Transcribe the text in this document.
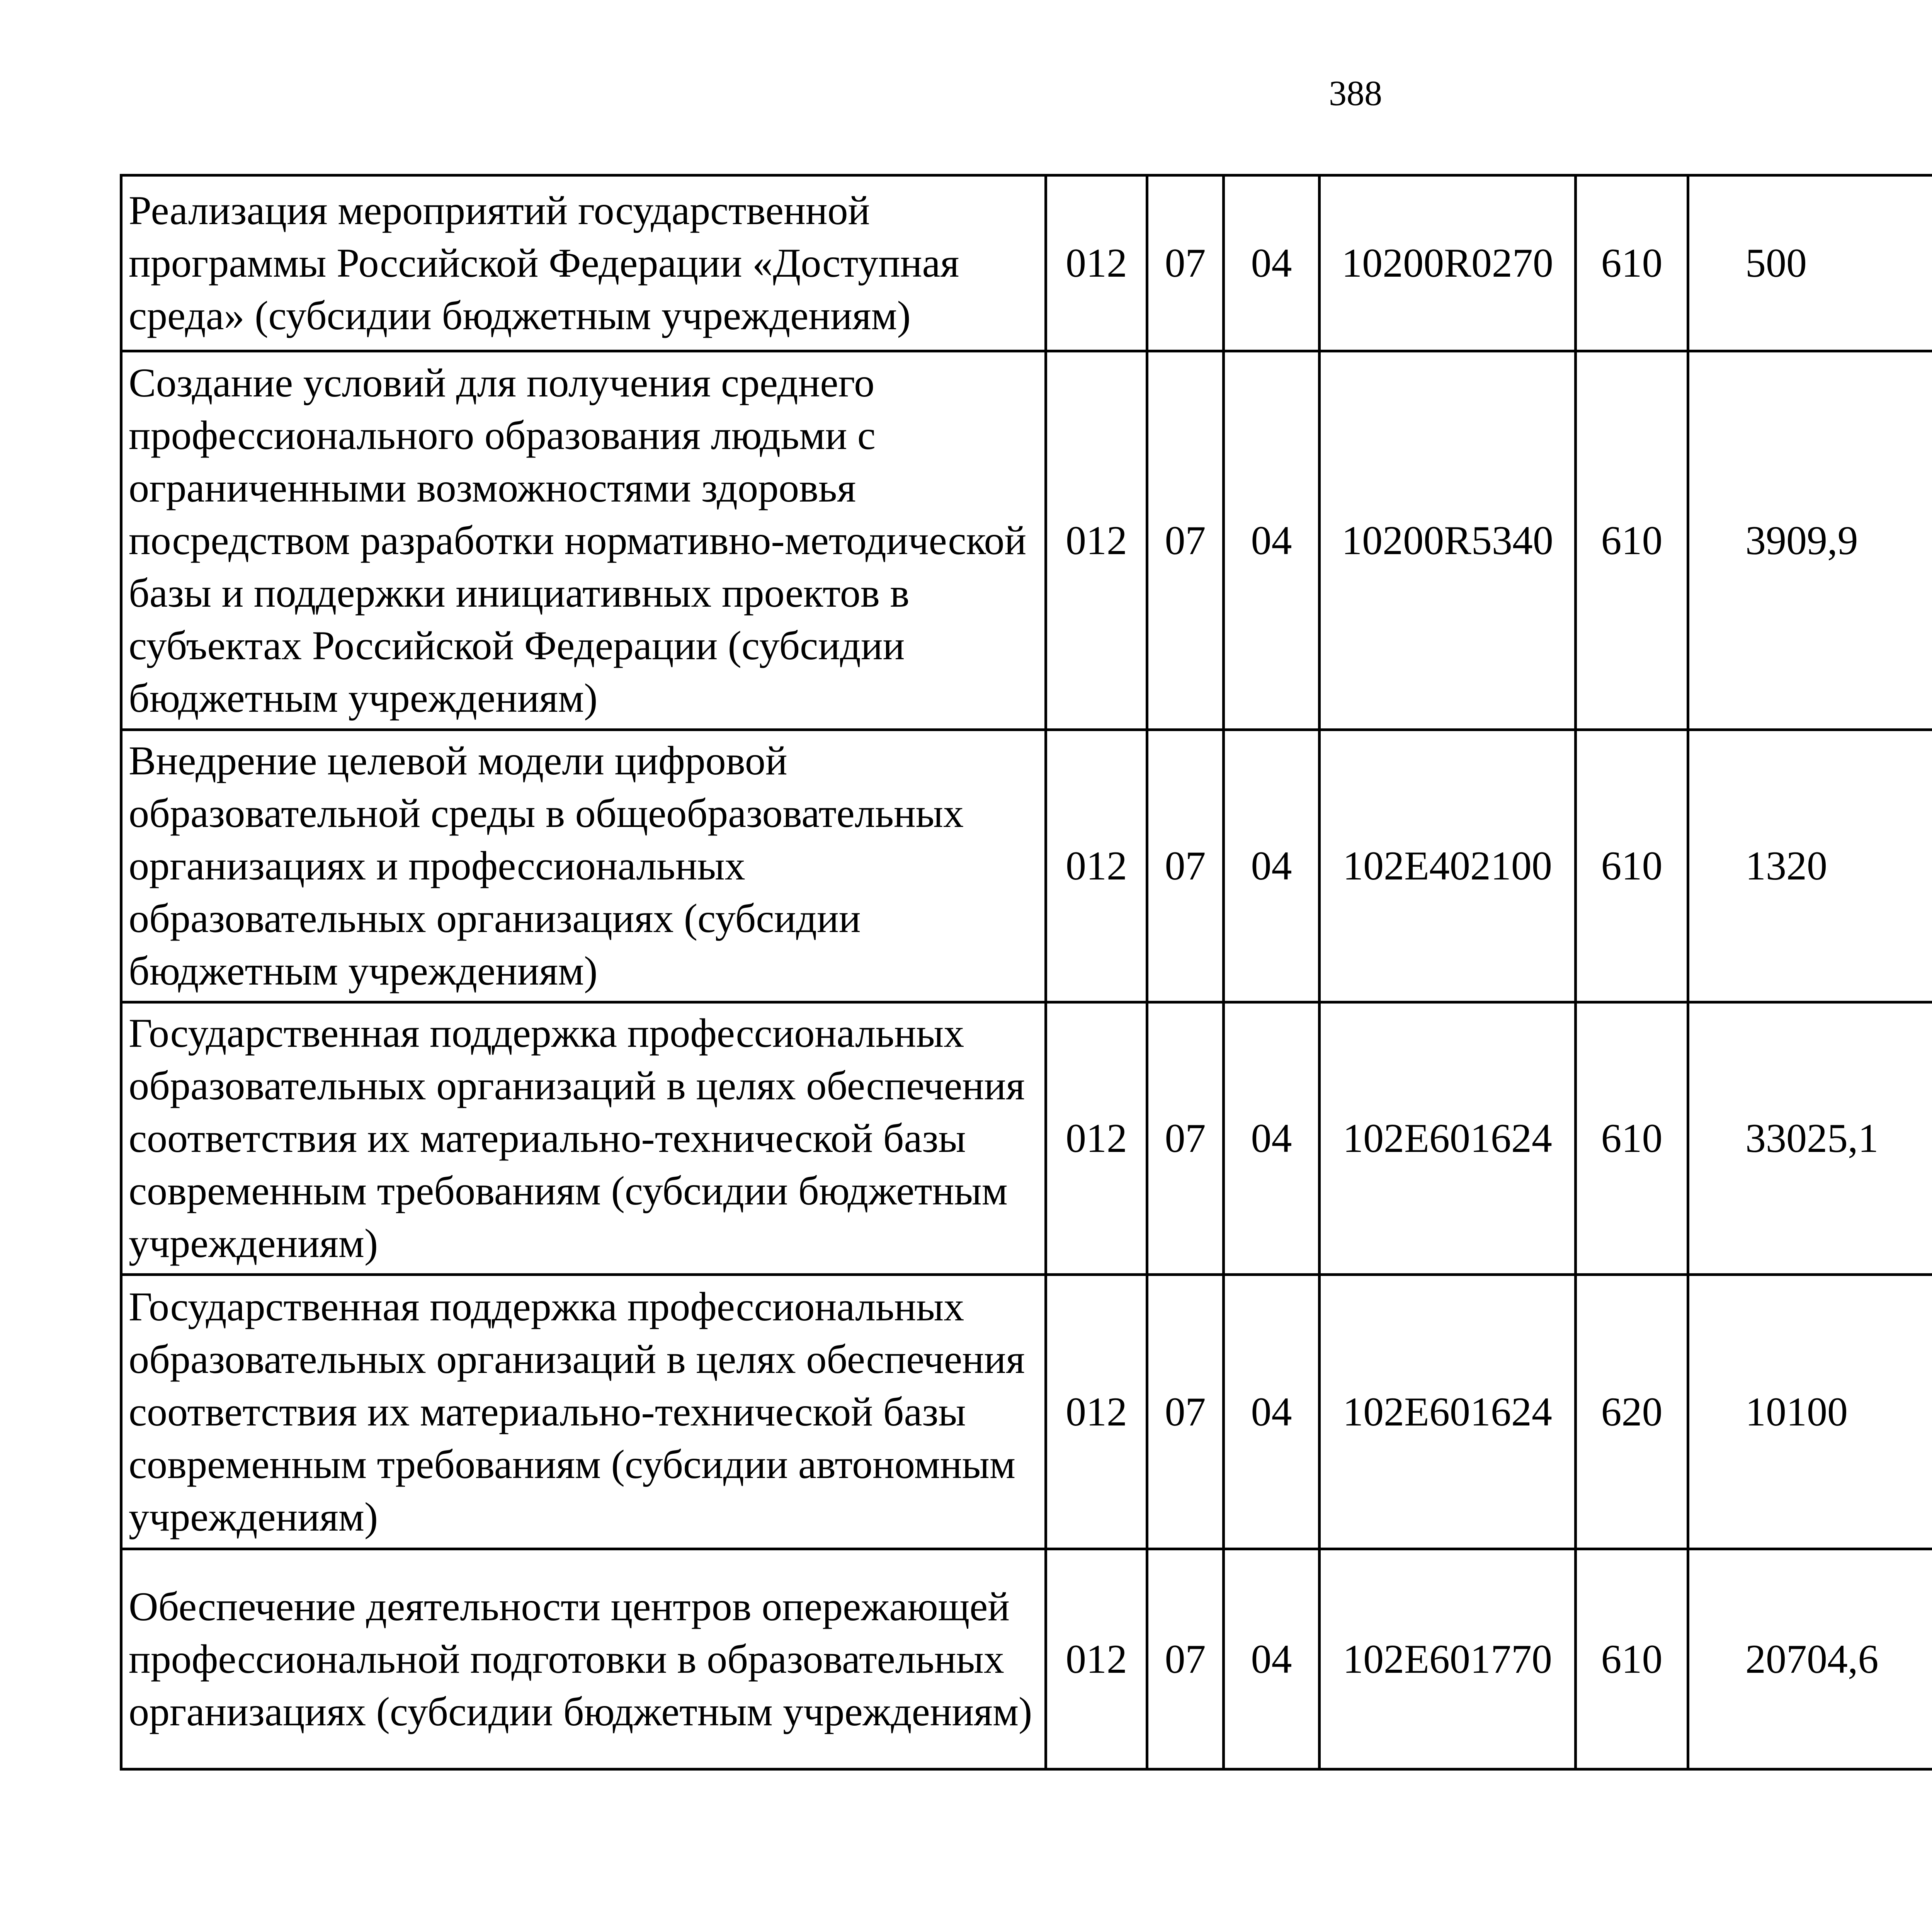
388
Реализация мероприятий государственной программы Российской Федерации «Доступная среда» (субсидии бюджетным учреждениям)	012	07	04	10200R0270	610	500		
Создание условий для получения среднего профессионального образования людьми с ограниченными возможностями здоровья посредством разработки нормативно-методической базы и поддержки инициативных проектов в субъектах Российской Федерации (субсидии бюджетным учреждениям)	012	07	04	10200R5340	610	3909,9		
Внедрение целевой модели цифровой образовательной среды в общеобразовательных организациях и профессиональных образовательных организациях (субсидии бюджетным учреждениям)	012	07	04	102E402100	610	1320		
Государственная поддержка профессиональных образовательных организаций в целях обеспечения соответствия их материально-технической базы современным требованиям (субсидии бюджетным учреждениям)	012	07	04	102E601624	610	33025,1		
Государственная поддержка профессиональных образовательных организаций в целях обеспечения соответствия их материально-технической базы современным требованиям (субсидии автономным учреждениям)	012	07	04	102E601624	620	10100		
Обеспечение деятельности центров опережающей профессиональной подготовки в образовательных организациях (субсидии бюджетным учреждениям)	012	07	04	102E601770	610	20704,6		
